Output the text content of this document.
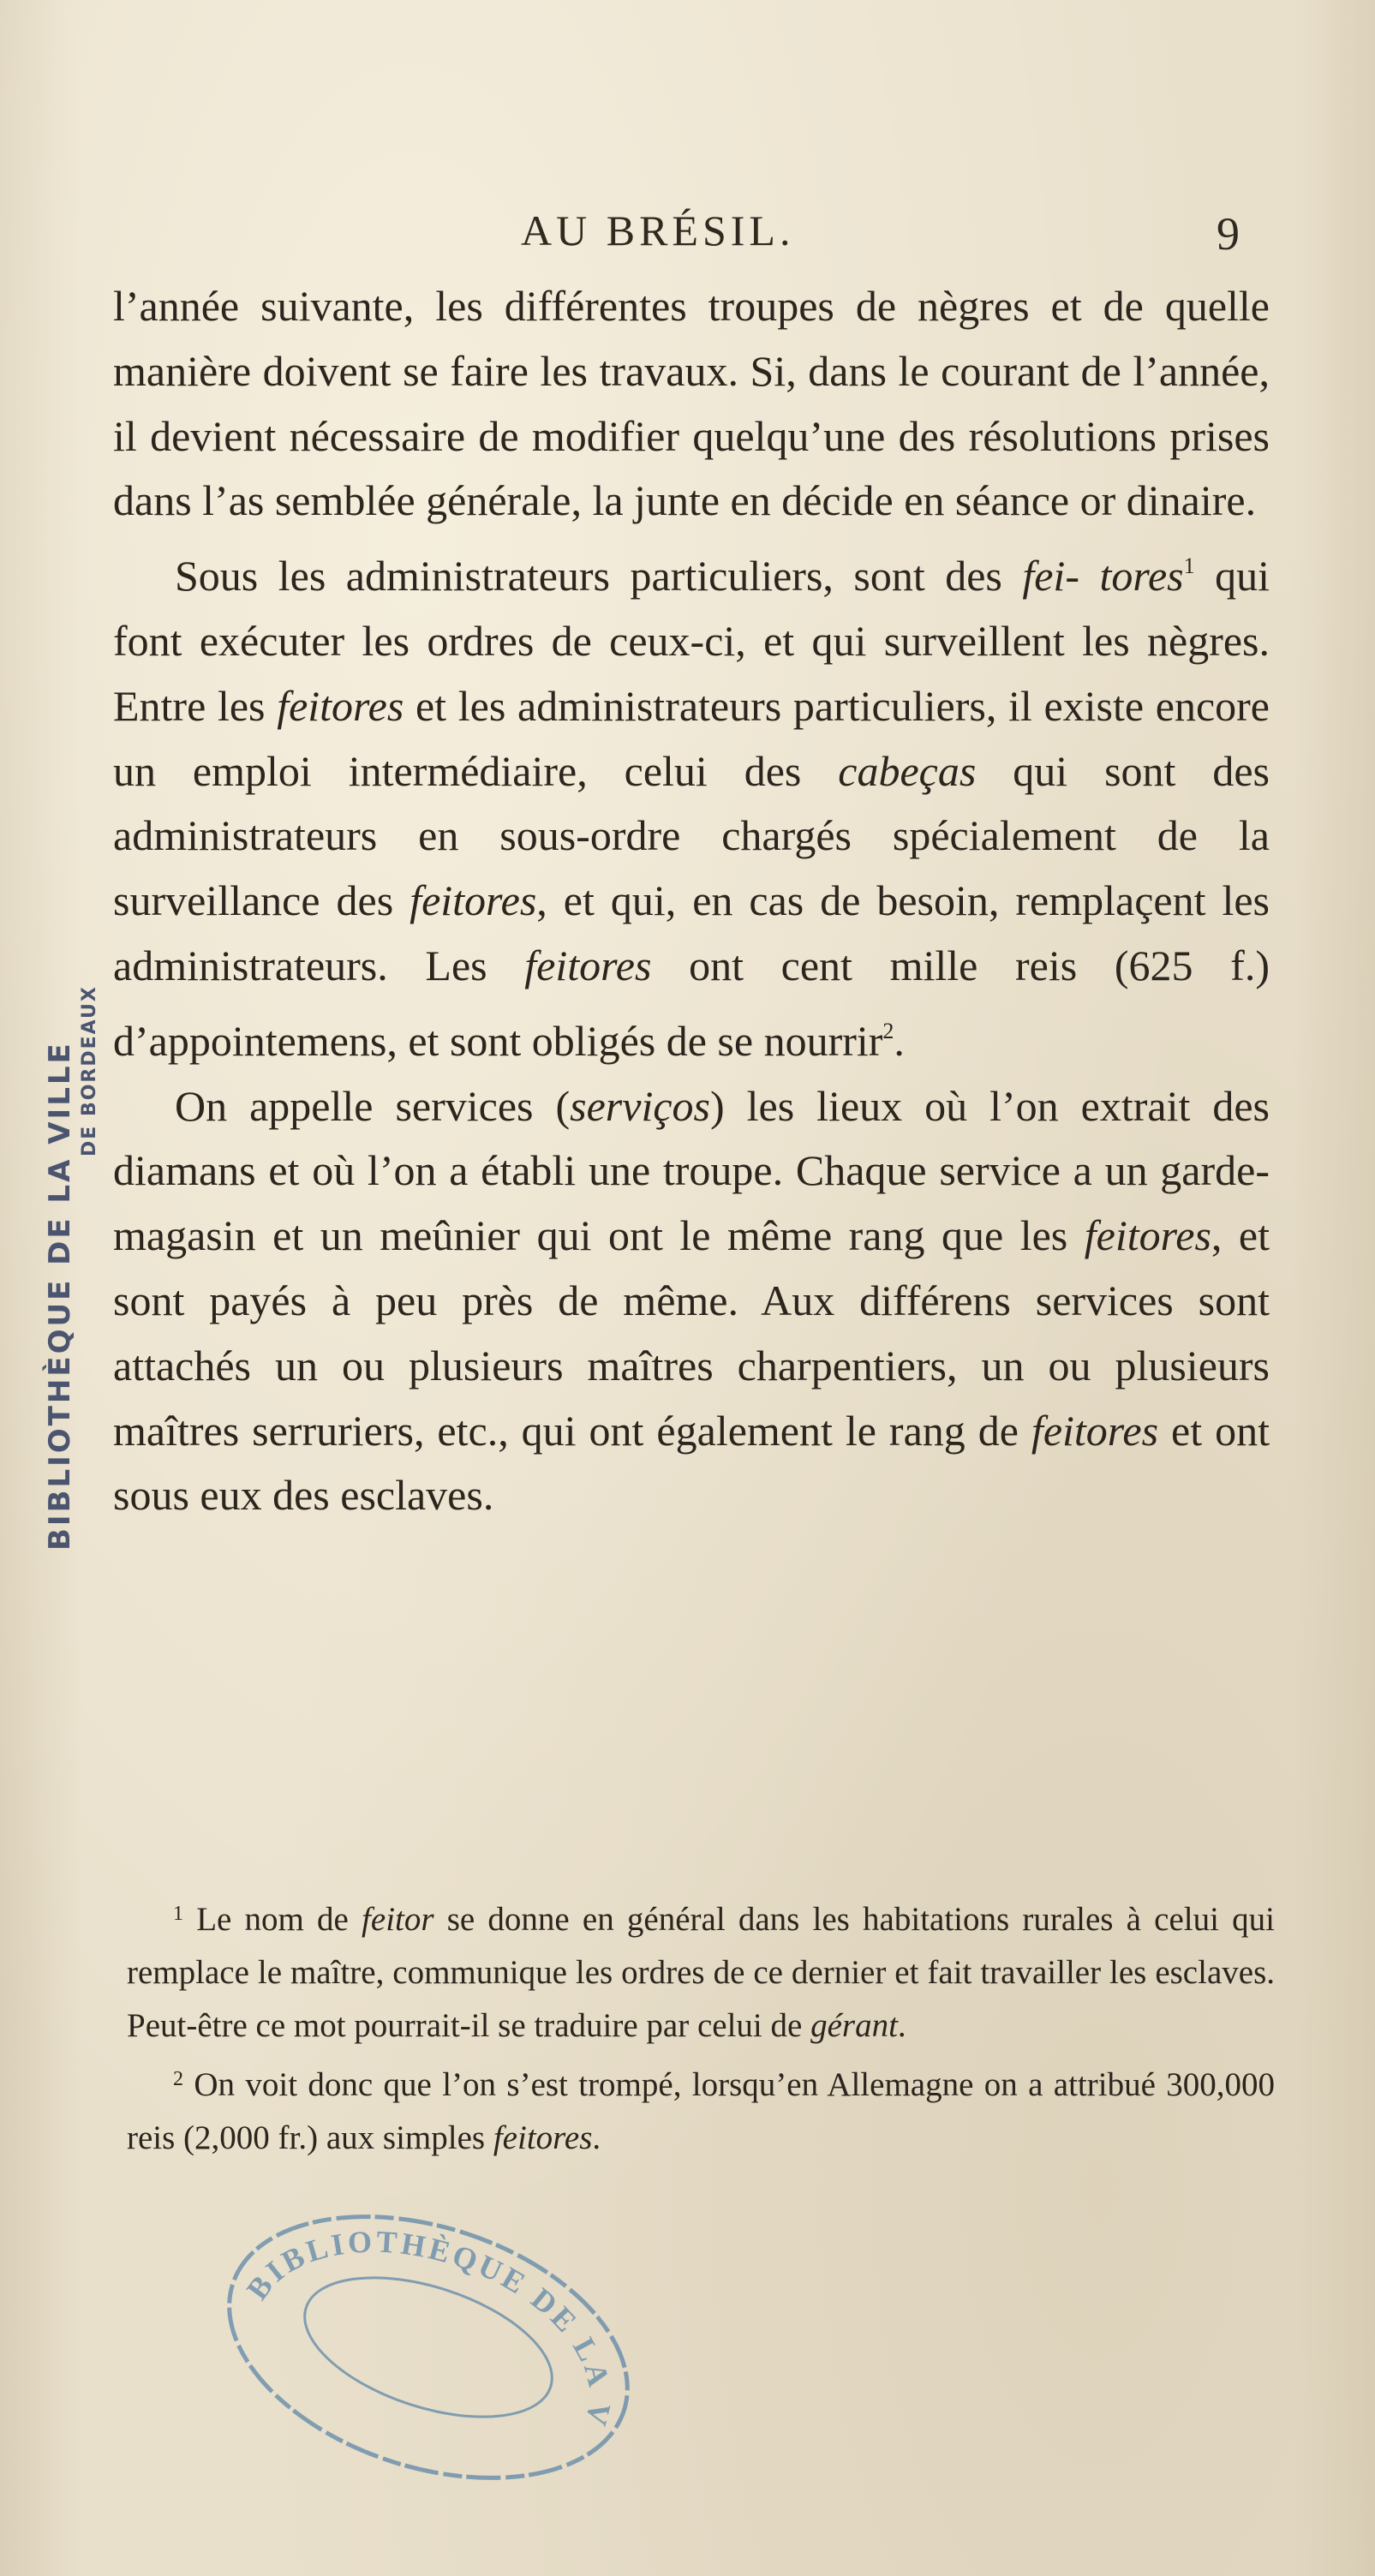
AU BRÉSIL.	9

l’année suivante, les différentes troupes de nègres et de quelle manière doivent se faire les travaux. Si, dans le courant de l’année, il devient nécessaire de modifier quelqu’une des résolutions prises dans l’as semblée générale, la junte en décide en séance or dinaire.

Sous les administrateurs particuliers, sont des fei- tores$^1$ qui font exécuter les ordres de ceux-ci, et qui surveillent les nègres. Entre les feitores et les administrateurs particuliers, il existe encore un emploi intermédiaire, celui des cabeças qui sont des administrateurs en sous-ordre chargés spécialement de la surveillance des feitores, et qui, en cas de besoin, remplaçent les administrateurs. Les feitores ont cent mille reis (625 f.) d’appointemens, et sont obligés de se nourrir$^2$.

On appelle services (serviços) les lieux où l’on extrait des diamans et où l’on a établi une troupe. Chaque service a un garde-magasin et un meûnier qui ont le même rang que les feitores, et sont payés à peu près de même. Aux différens services sont attachés un ou plusieurs maîtres charpentiers, un ou plusieurs maîtres serruriers, etc., qui ont également le rang de feitores et ont sous eux des esclaves.

$^1$ Le nom de feitor se donne en général dans les habitations rurales à celui qui remplace le maître, communique les ordres de ce dernier et fait travailler les esclaves. Peut-être ce mot pourrait-il se traduire par celui de gérant.

$^2$ On voit donc que l’on s’est trompé, lorsqu’en Allemagne on a attribué 300,000 reis (2,000 fr.) aux simples feitores.

BIBLIOTHÈQUE DE LA VILLE DE BORDEAUX
BIBLIOTHÈQUE DE LA VILLE
